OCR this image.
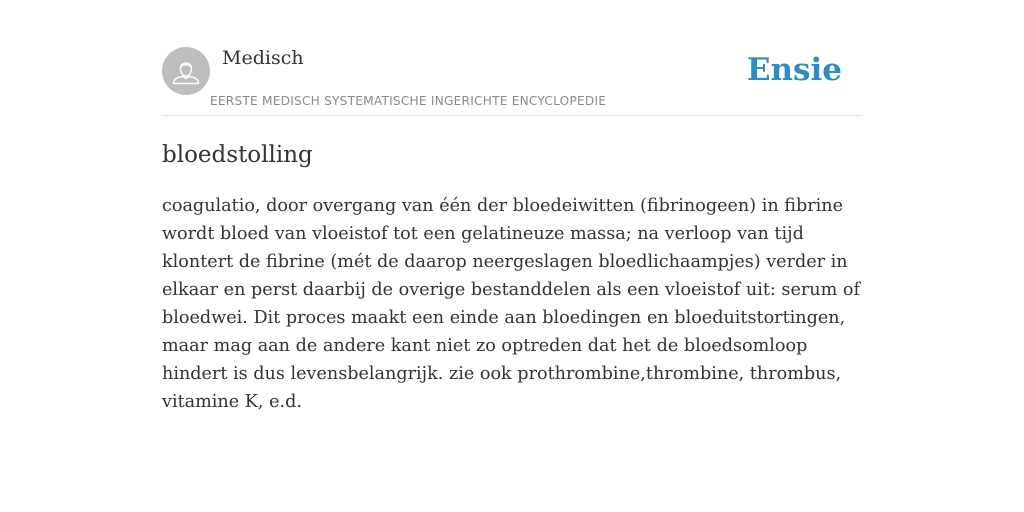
Medisch
EERSTE MEDISCH SYSTEMATISCHE INGERICHTE ENCYCLOPEDIE
Ensie
bloedstolling

coagulatio, door overgang van één der bloedeiwitten (fibrinogeen) in fibrine wordt bloed van vloeistof tot een gelatineuze massa; na verloop van tijd klontert de fibrine (mét de daarop neergeslagen bloedlichaampjes) verder in elkaar en perst daarbij de overige bestanddelen als een vloeistof uit: serum of bloedwei. Dit proces maakt een einde aan bloedingen en bloeduitstortingen, maar mag aan de andere kant niet zo optreden dat het de bloedsomloop hindert is dus levensbelangrijk. zie ook prothrombine,thrombine, thrombus, vitamine K, e.d.
